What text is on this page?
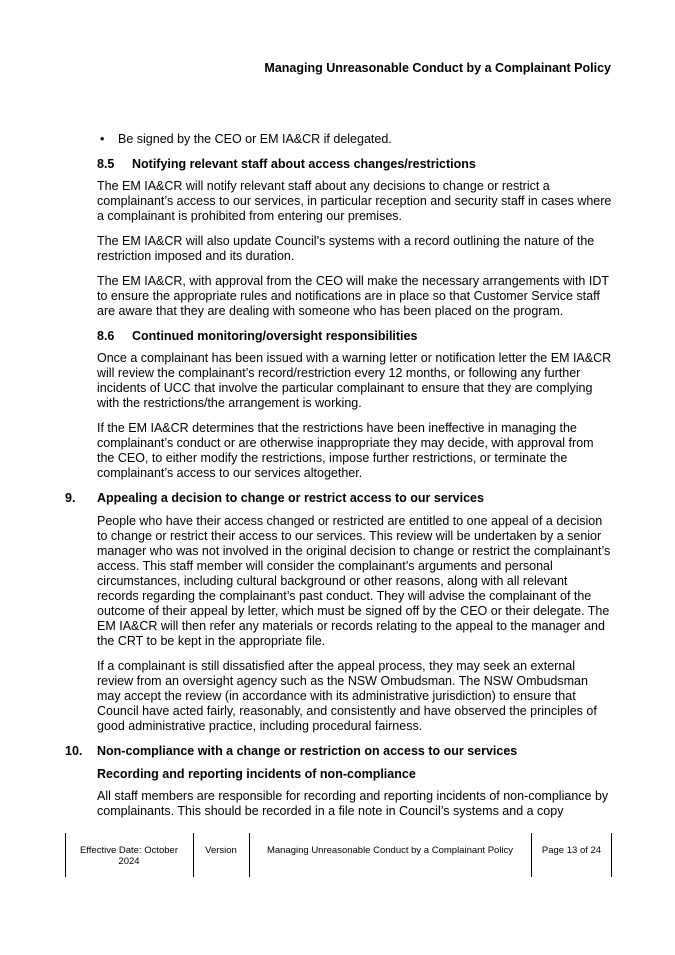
Managing Unreasonable Conduct by a Complainant Policy
• Be signed by the CEO or EM IA&CR if delegated.
8.5 Notifying relevant staff about access changes/restrictions

The EM IA&CR will notify relevant staff about any decisions to change or restrict a complainant’s access to our services, in particular reception and security staff in cases where a complainant is prohibited from entering our premises.

The EM IA&CR will also update Council’s systems with a record outlining the nature of the restriction imposed and its duration.

The EM IA&CR, with approval from the CEO will make the necessary arrangements with IDT to ensure the appropriate rules and notifications are in place so that Customer Service staff are aware that they are dealing with someone who has been placed on the program.

8.6 Continued monitoring/oversight responsibilities

Once a complainant has been issued with a warning letter or notification letter the EM IA&CR will review the complainant’s record/restriction every 12 months, or following any further incidents of UCC that involve the particular complainant to ensure that they are complying with the restrictions/the arrangement is working.

If the EM IA&CR determines that the restrictions have been ineffective in managing the complainant’s conduct or are otherwise inappropriate they may decide, with approval from the CEO, to either modify the restrictions, impose further restrictions, or terminate the complainant’s access to our services altogether.

9. Appealing a decision to change or restrict access to our services

People who have their access changed or restricted are entitled to one appeal of a decision to change or restrict their access to our services. This review will be undertaken by a senior manager who was not involved in the original decision to change or restrict the complainant’s access. This staff member will consider the complainant’s arguments and personal circumstances, including cultural background or other reasons, along with all relevant records regarding the complainant’s past conduct. They will advise the complainant of the outcome of their appeal by letter, which must be signed off by the CEO or their delegate. The EM IA&CR will then refer any materials or records relating to the appeal to the manager and the CRT to be kept in the appropriate file.

If a complainant is still dissatisfied after the appeal process, they may seek an external review from an oversight agency such as the NSW Ombudsman. The NSW Ombudsman may accept the review (in accordance with its administrative jurisdiction) to ensure that Council have acted fairly, reasonably, and consistently and have observed the principles of good administrative practice, including procedural fairness.

10. Non-compliance with a change or restriction on access to our services
Recording and reporting incidents of non-compliance

All staff members are responsible for recording and reporting incidents of non-compliance by complainants. This should be recorded in a file note in Council’s systems and a copy

Effective Date: October 2024
Version	Managing Unreasonable Conduct by a Complainant Policy	Page 13 of 24
